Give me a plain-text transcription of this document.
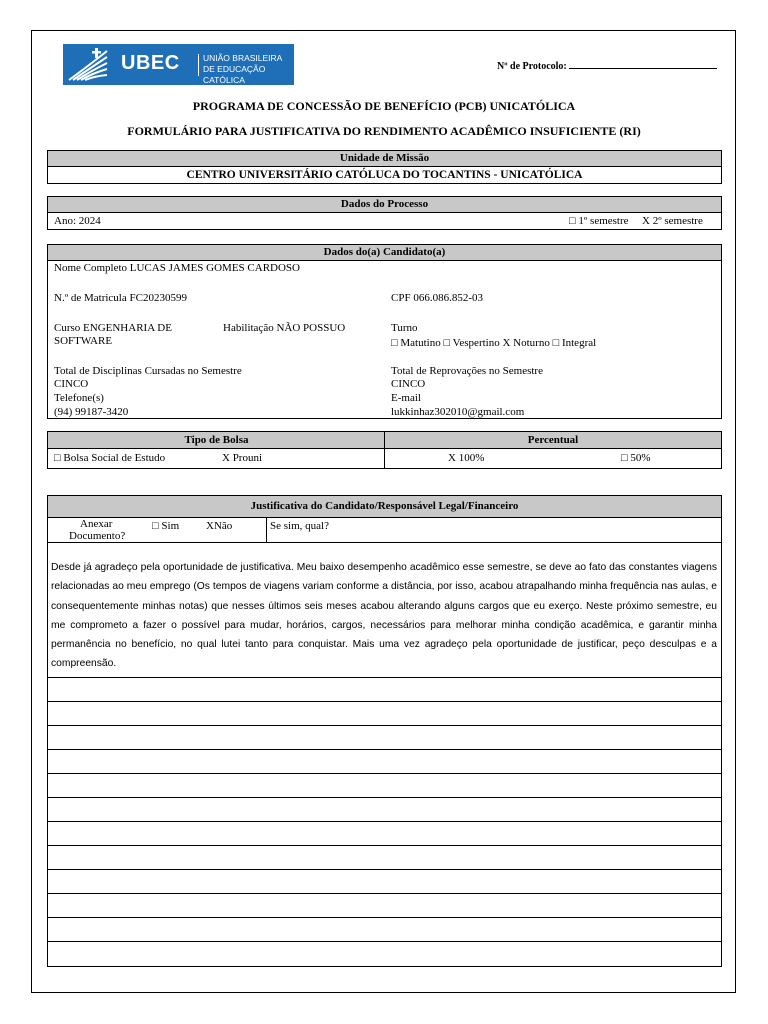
UBEC	UNIÃO BRASILEIRA
DE EDUCAÇÃO CATÓLICA
Nº de Protocolo:
PROGRAMA DE CONCESSÃO DE BENEFÍCIO (PCB) UNICATÓLICA
FORMULÁRIO PARA JUSTIFICATIVA DO RENDIMENTO ACADÊMICO INSUFICIENTE (RI)
Unidade de Missão
CENTRO UNIVERSITÁRIO CATÓLUCA DO TOCANTINS - UNICATÓLICA
Dados do Processo
Ano: 2024	□ 1º semestre X 2º semestre
Dados do(a) Candidato(a)
Nome Completo LUCAS JAMES GOMES CARDOSO
N.º de Matricula FC20230599	CPF 066.086.852-03
Curso ENGENHARIA DE
SOFTWARE
Habilitação NÃO POSSUO	Turno
□ Matutino □ Vespertino X Noturno □ Integral
Total de Disciplinas Cursadas no Semestre
CINCO
Total de Reprovações no Semestre
CINCO
Telefone(s)
(94) 99187-3420
E-mail
lukkinhaz302010@gmail.com
Tipo de Bolsa	Percentual
□ Bolsa Social de Estudo	X Prouni	X 100%	□ 50%
Justificativa do Candidato/Responsável Legal/Financeiro
Anexar
Documento?
□ Sim XNão	Se sim, qual?
Desde já agradeço pela oportunidade de justificativa. Meu baixo desempenho acadêmico esse semestre, se deve ao fato das constantes viagens relacionadas ao meu emprego (Os tempos de viagens variam conforme a distância, por isso, acabou atrapalhando minha frequência nas aulas, e consequentemente minhas notas) que nesses últimos seis meses acabou alterando alguns cargos que eu exerço. Neste próximo semestre, eu me comprometo a fazer o possível para mudar, horários, cargos, necessários para melhorar minha condição acadêmica, e garantir minha permanência no benefício, no qual lutei tanto para conquistar. Mais uma vez agradeço pela oportunidade de justificar, peço desculpas e a compreensão.
